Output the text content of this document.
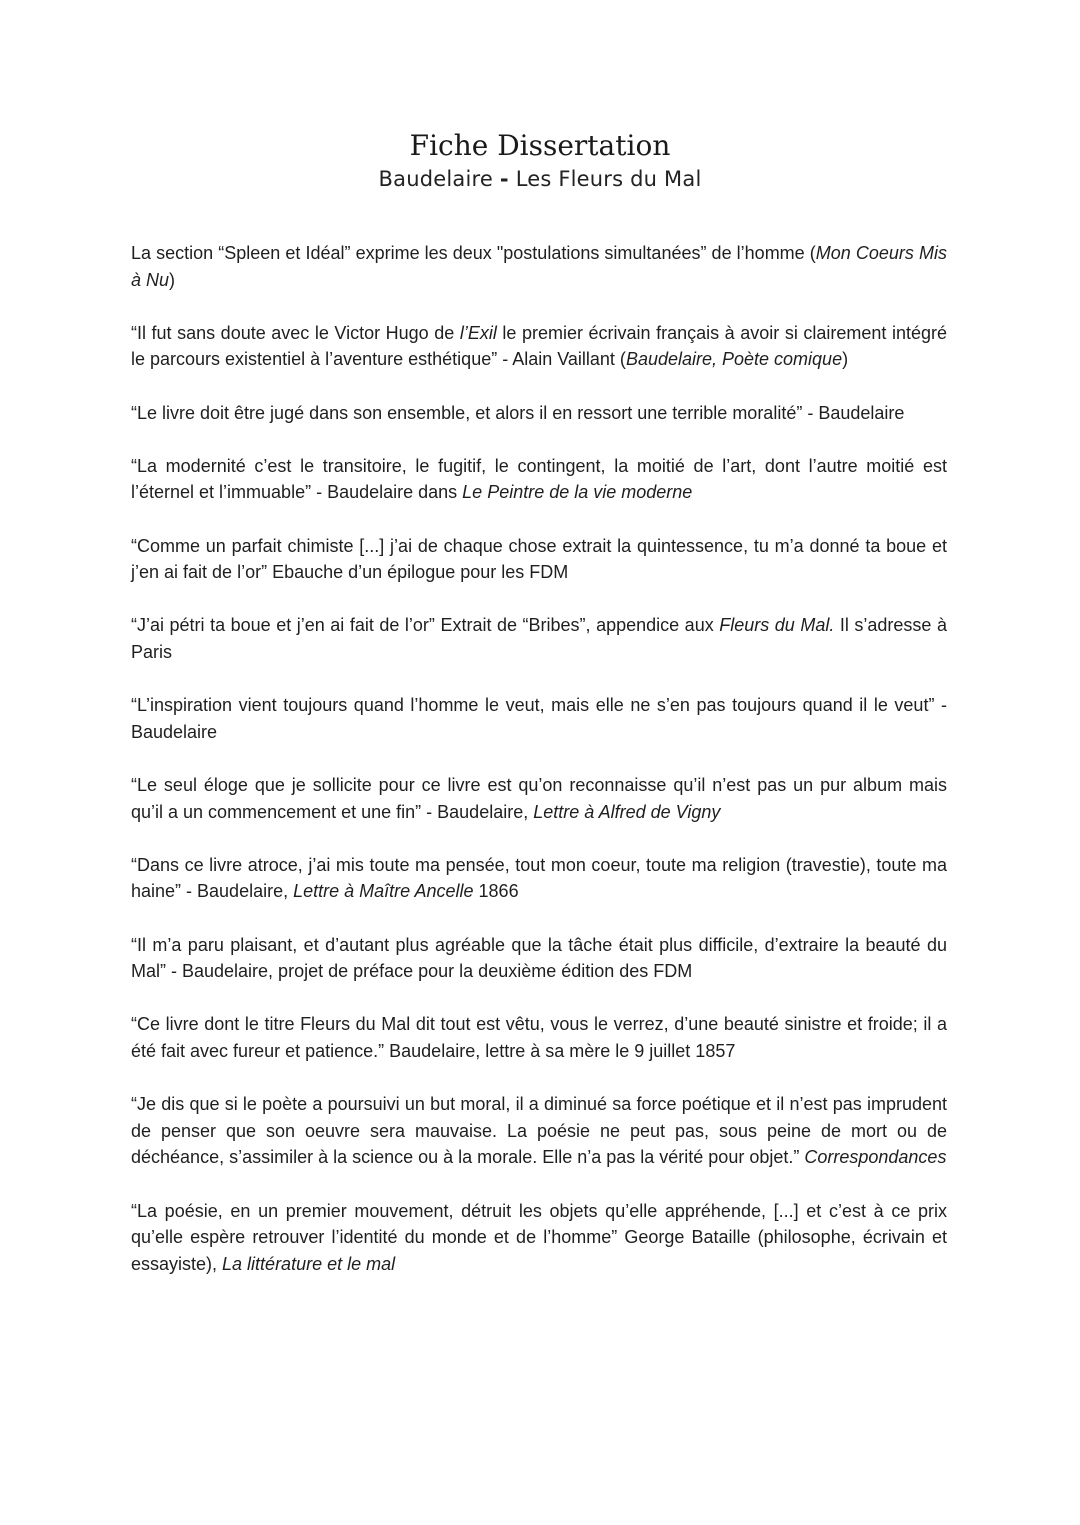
Fiche Dissertation
Baudelaire - Les Fleurs du Mal

La section “Spleen et Idéal” exprime les deux "postulations simultanées” de l’homme (Mon Coeurs Mis à Nu)

“Il fut sans doute avec le Victor Hugo de l’Exil le premier écrivain français à avoir si clairement intégré le parcours existentiel à l’aventure esthétique” - Alain Vaillant (Baudelaire, Poète comique)

“Le livre doit être jugé dans son ensemble, et alors il en ressort une terrible moralité” - Baudelaire

“La modernité c’est le transitoire, le fugitif, le contingent, la moitié de l’art, dont l’autre moitié est l’éternel et l’immuable” - Baudelaire dans Le Peintre de la vie moderne

“Comme un parfait chimiste [...] j’ai de chaque chose extrait la quintessence, tu m’a donné ta boue et j’en ai fait de l’or” Ebauche d’un épilogue pour les FDM

“J’ai pétri ta boue et j’en ai fait de l’or” Extrait de “Bribes”, appendice aux Fleurs du Mal. Il s’adresse à Paris

“L’inspiration vient toujours quand l’homme le veut, mais elle ne s’en pas toujours quand il le veut” - Baudelaire

“Le seul éloge que je sollicite pour ce livre est qu’on reconnaisse qu’il n’est pas un pur album mais qu’il a un commencement et une fin” - Baudelaire, Lettre à Alfred de Vigny

“Dans ce livre atroce, j’ai mis toute ma pensée, tout mon coeur, toute ma religion (travestie), toute ma haine” - Baudelaire, Lettre à Maître Ancelle 1866

“Il m’a paru plaisant, et d’autant plus agréable que la tâche était plus difficile, d’extraire la beauté du Mal” - Baudelaire, projet de préface pour la deuxième édition des FDM

“Ce livre dont le titre Fleurs du Mal dit tout est vêtu, vous le verrez, d’une beauté sinistre et froide; il a été fait avec fureur et patience.” Baudelaire, lettre à sa mère le 9 juillet 1857

“Je dis que si le poète a poursuivi un but moral, il a diminué sa force poétique et il n’est pas imprudent de penser que son oeuvre sera mauvaise. La poésie ne peut pas, sous peine de mort ou de déchéance, s’assimiler à la science ou à la morale. Elle n’a pas la vérité pour objet.” Correspondances

“La poésie, en un premier mouvement, détruit les objets qu’elle appréhende, [...] et c’est à ce prix qu’elle espère retrouver l’identité du monde et de l’homme” George Bataille (philosophe, écrivain et essayiste), La littérature et le mal
